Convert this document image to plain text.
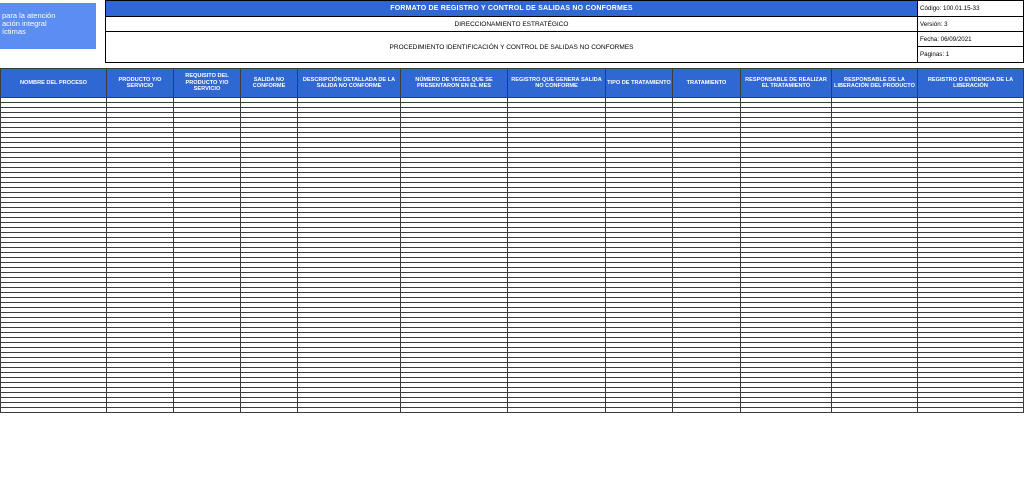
para la atención
ación integral
íctimas
FORMATO DE REGISTRO Y CONTROL DE SALIDAS NO CONFORMES
DIRECCIONAMIENTO ESTRATÉGICO
PROCEDIMIENTO IDENTIFICACIÓN Y CONTROL DE SALIDAS NO CONFORMES
Código: 100.01.15-33
Versión: 3
Fecha: 06/09/2021
Paginas: 1
NOMBRE DEL PROCESO	PRODUCTO Y/O SERVICIO	REQUISITO DEL PRODUCTO Y/O SERVICIO	SALIDA NO CONFORME	DESCRIPCIÓN DETALLADA DE LA SALIDA NO CONFORME	NÚMERO DE VECES QUE SE PRESENTARON EN EL MES	REGISTRO QUE GENERA SALIDA NO CONFORME	TIPO DE TRATAMIENTO	TRATAMIENTO	RESPONSABLE DE REALIZAR EL TRATAMIENTO	RESPONSABLE DE LA LIBERACIÓN DEL PRODUCTO	REGISTRO O EVIDENCIA DE LA LIBERACIÓN
